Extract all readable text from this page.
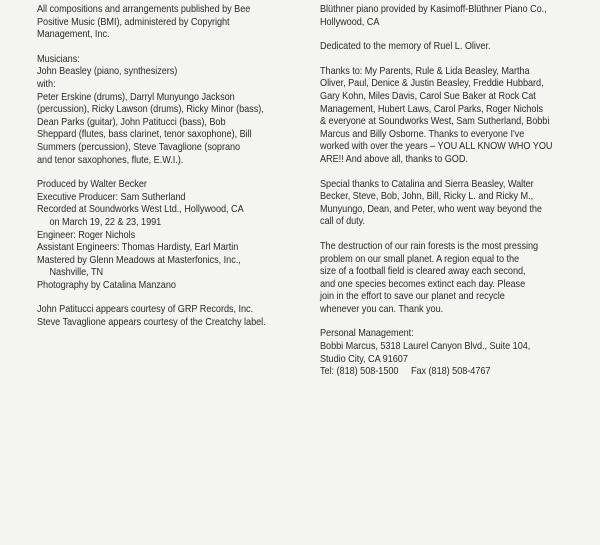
All compositions and arrangements published by Bee
Positive Music (BMI), administered by Copyright
Management, Inc.
Musicians:
John Beasley (piano, synthesizers)
with:
Peter Erskine (drums), Darryl Munyungo Jackson
(percussion), Ricky Lawson (drums), Ricky Minor (bass),
Dean Parks (guitar), John Patitucci (bass), Bob
Sheppard (flutes, bass clarinet, tenor saxophone), Bill
Summers (percussion), Steve Tavaglione (soprano
and tenor saxophones, flute, E.W.I.).
Produced by Walter Becker
Executive Producer: Sam Sutherland
Recorded at Soundworks West Ltd., Hollywood, CA
on March 19, 22 & 23, 1991
Engineer: Roger Nichols
Assistant Engineers: Thomas Hardisty, Earl Martin
Mastered by Glenn Meadows at Masterfonics, Inc.,
Nashville, TN
Photography by Catalina Manzano
John Patitucci appears courtesy of GRP Records, Inc.
Steve Tavaglione appears courtesy of the Creatchy label.
Blüthner piano provided by Kasimoff-Blüthner Piano Co.,
Hollywood, CA
Dedicated to the memory of Ruel L. Oliver.
Thanks to: My Parents, Rule & Lida Beasley, Martha
Oliver, Paul, Denice & Justin Beasley, Freddie Hubbard,
Gary Kohn, Miles Davis, Carol Sue Baker at Rock Cat
Management, Hubert Laws, Carol Parks, Roger Nichols
& everyone at Soundworks West, Sam Sutherland, Bobbi
Marcus and Billy Osborne. Thanks to everyone I've
worked with over the years – YOU ALL KNOW WHO YOU
ARE!! And above all, thanks to GOD.
Special thanks to Catalina and Sierra Beasley, Walter
Becker, Steve, Bob, John, Bill, Ricky L. and Ricky M.,
Munyungo, Dean, and Peter, who went way beyond the
call of duty.
The destruction of our rain forests is the most pressing
problem on our small planet. A region equal to the
size of a football field is cleared away each second,
and one species becomes extinct each day. Please
join in the effort to save our planet and recycle
whenever you can. Thank you.
Personal Management:
Bobbi Marcus, 5318 Laurel Canyon Blvd., Suite 104,
Studio City, CA 91607
Tel: (818) 508-1500     Fax (818) 508-4767
